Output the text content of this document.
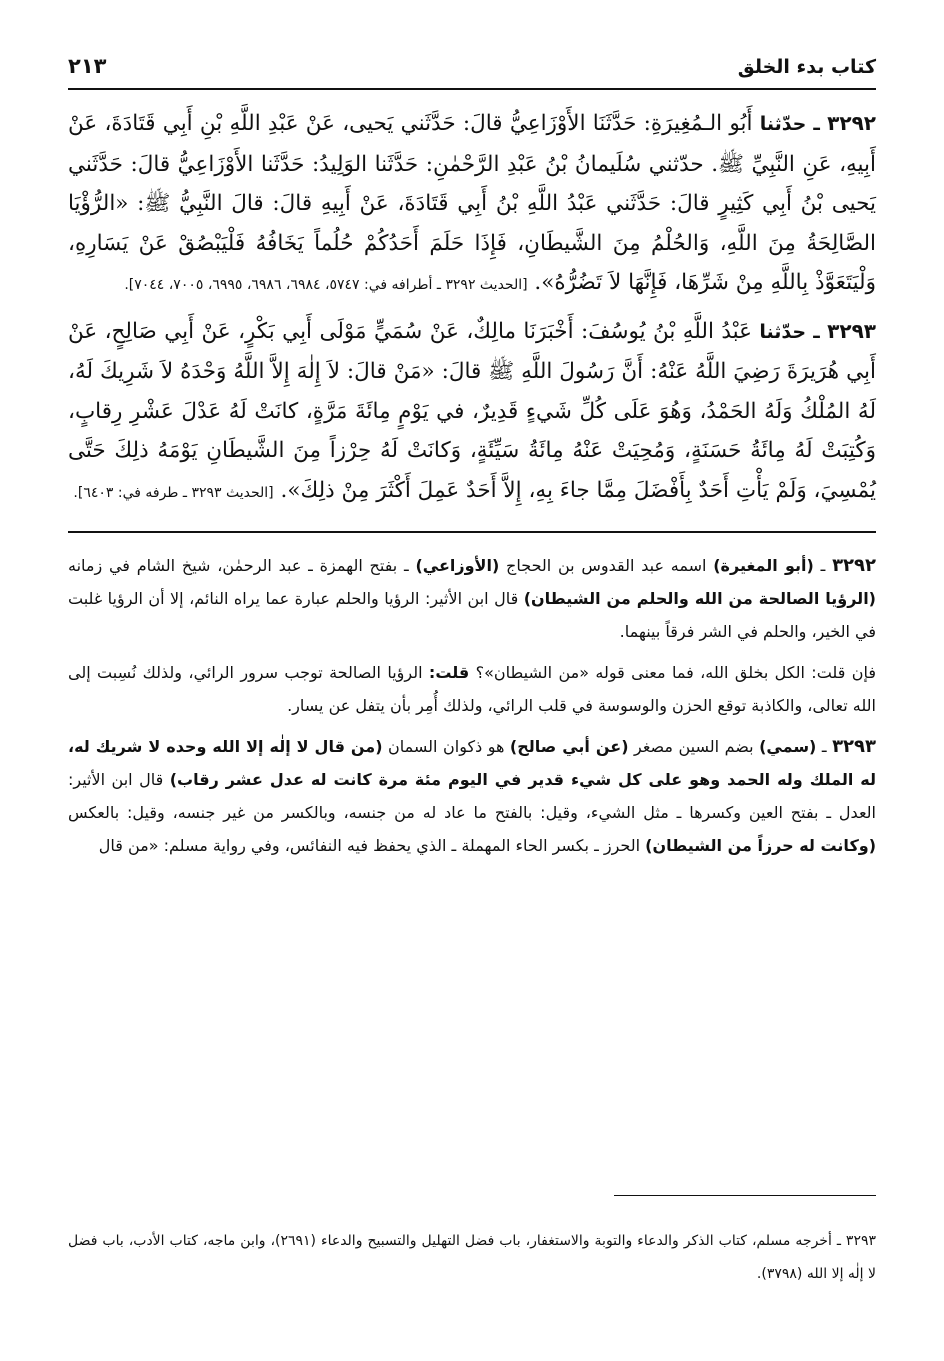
كتاب بدء الخلق
٢١٣

٣٢٩٢ ـ حدّثنا أَبُو الـمُغِيرَةِ: حَدَّثَنَا الأَوْزَاعِيُّ قالَ: حَدَّثَني يَحيى، عَنْ عَبْدِ اللَّهِ بْنِ أَبِي قَتَادَةَ، عَنْ أَبِيهِ، عَنِ النَّبِيِّ ﷺ. حدّثني سُلَيمانُ بْنُ عَبْدِ الرَّحْمٰنِ: حَدَّثَنا الوَلِيدُ: حَدَّثَنا الأَوْزَاعِيُّ قالَ: حَدَّثَني يَحيى بْنُ أَبِي كَثِيرٍ قالَ: حَدَّثَني عَبْدُ اللَّهِ بْنُ أَبِي قَتَادَةَ، عَنْ أَبِيهِ قالَ: قالَ النَّبِيُّ ﷺ: «الرُّؤْيَا الصَّالِحَةُ مِنَ اللَّهِ، وَالحُلْمُ مِنَ الشَّيطَانِ، فَإِذَا حَلَمَ أَحَدُكُمْ حُلُماً يَخَافُهُ فَلْيَبْصُقْ عَنْ يَسَارِهِ، وَلْيَتَعَوَّذْ بِاللَّهِ مِنْ شَرِّهَا، فَإِنَّهَا لاَ تَضُرُّهُ». [الحديث ٣٢٩٢ ـ أطرافه في: ٥٧٤٧، ٦٩٨٤، ٦٩٨٦، ٦٩٩٥، ٧٠٠٥، ٧٠٤٤].

٣٢٩٣ ـ حدّثنا عَبْدُ اللَّهِ بْنُ يُوسُفَ: أَخْبَرَنَا مالِكٌ، عَنْ سُمَيٍّ مَوْلَى أَبِي بَكْرٍ، عَنْ أَبِي صَالِحٍ، عَنْ أَبِي هُرَيرَةَ رَضِيَ اللَّهُ عَنْهُ: أَنَّ رَسُولَ اللَّهِ ﷺ قالَ: «مَنْ قالَ: لاَ إِلٰهَ إِلاَّ اللَّهُ وَحْدَهُ لاَ شَرِيكَ لَهُ، لَهُ المُلْكُ وَلَهُ الحَمْدُ، وَهُوَ عَلَى كُلِّ شَيءٍ قَدِيرٌ، في يَوْمٍ مِائَةَ مَرَّةٍ، كانَتْ لَهُ عَدْلَ عَشْرِ رِقابٍ، وَكُتِبَتْ لَهُ مِائَةُ حَسَنَةٍ، وَمُحِيَتْ عَنْهُ مِائَةُ سَيِّئَةٍ، وَكانَتْ لَهُ حِرْزاً مِنَ الشَّيطَانِ يَوْمَهُ ذلِكَ حَتَّى يُمْسِيَ، وَلَمْ يَأْتِ أَحَدٌ بِأَفْضَلَ مِمَّا جاءَ بِهِ، إِلاَّ أَحَدٌ عَمِلَ أَكْثَرَ مِنْ ذلِكَ». [الحديث ٣٢٩٣ ـ طرفه في: ٦٤٠٣].

٣٢٩٢ ـ (أبو المغيرة) اسمه عبد القدوس بن الحجاج (الأوزاعي) ـ بفتح الهمزة ـ عبد الرحمٰن، شيخ الشام في زمانه (الرؤيا الصالحة من الله والحلم من الشيطان) قال ابن الأثير: الرؤيا والحلم عبارة عما يراه النائم، إلا أن الرؤيا غلبت في الخير، والحلم في الشر فرقاً بينهما.

فإن قلت: الكل بخلق الله، فما معنى قوله «من الشيطان»؟ قلت: الرؤيا الصالحة توجب سرور الرائي، ولذلك نُسِبت إلى الله تعالى، والكاذبة توقع الحزن والوسوسة في قلب الرائي، ولذلك أُمِر بأن يتفل عن يسار.

٣٢٩٣ ـ (سمي) بضم السين مصغر (عن أبي صالح) هو ذكوان السمان (من قال لا إلٰه إلا الله وحده لا شريك له، له الملك وله الحمد وهو على كل شيء قدير في اليوم مئة مرة كانت له عدل عشر رقاب) قال ابن الأثير: العدل ـ بفتح العين وكسرها ـ مثل الشيء، وقيل: بالفتح ما عاد له من جنسه، وبالكسر من غير جنسه، وقيل: بالعكس (وكانت له حرزاً من الشيطان) الحرز ـ بكسر الحاء المهملة ـ الذي يحفظ فيه النفائس، وفي رواية مسلم: «من قال

٣٢٩٣ ـ أخرجه مسلم، كتاب الذكر والدعاء والتوبة والاستغفار، باب فضل التهليل والتسبيح والدعاء (٢٦٩١)، وابن ماجه، كتاب الأدب، باب فضل لا إلٰه إلا الله (٣٧٩٨).
